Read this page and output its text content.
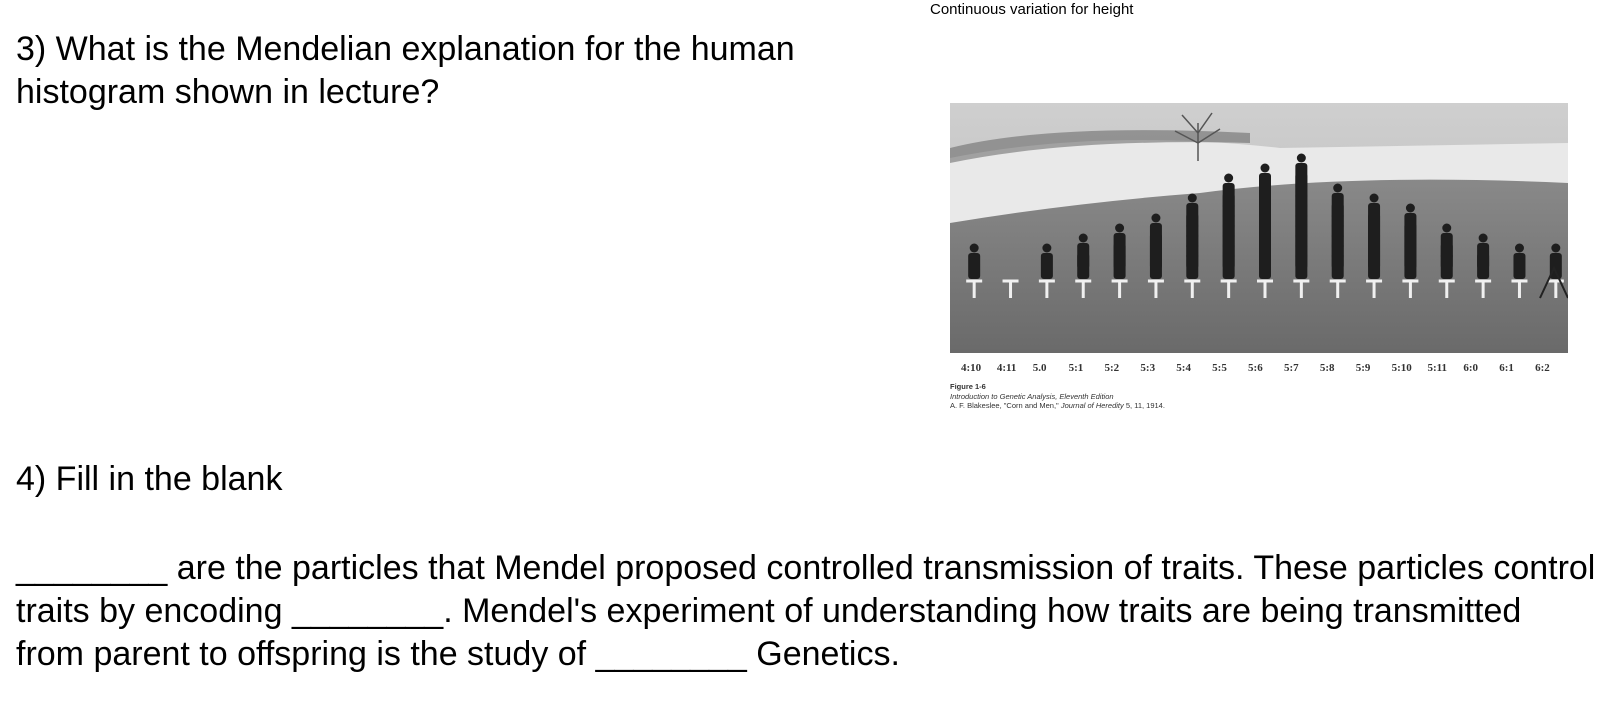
3) What is the Mendelian explanation for the human histogram shown in lecture?

Continuous variation for height
4:10 4:11 5.0 5:1 5:2 5:3 5:4 5:5 5:6 5:7 5:8 5:9 5:10 5:11 6:0 6:1 6:2
Figure 1-6
Introduction to Genetic Analysis, Eleventh Edition
A. F. Blakeslee, "Corn and Men," Journal of Heredity 5, 11, 1914.
4) Fill in the blank

________ are the particles that Mendel proposed controlled transmission of traits. These particles control traits by encoding ________. Mendel's experiment of understanding how traits are being transmitted from parent to offspring is the study of ________ Genetics.
